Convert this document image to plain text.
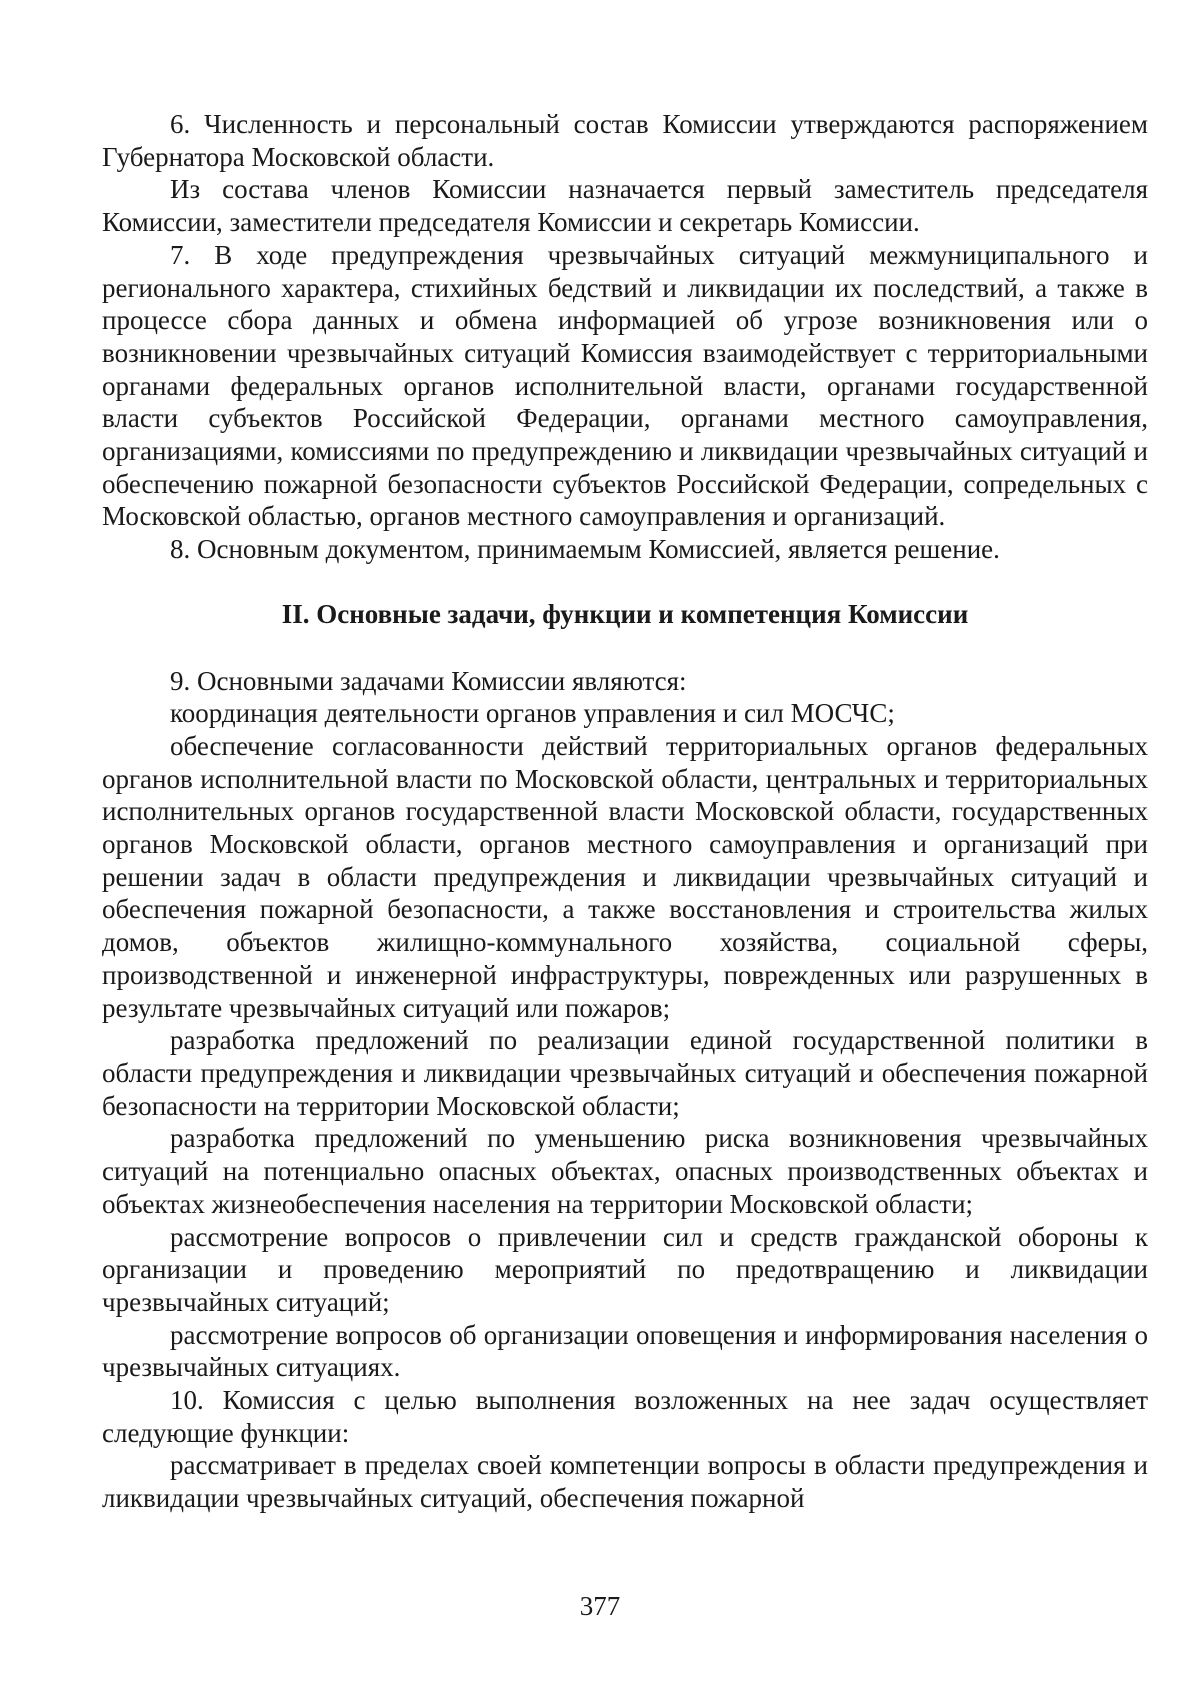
6. Численность и персональный состав Комиссии утверждаются распоряжением Губернатора Московской области.

Из состава членов Комиссии назначается первый заместитель председателя Комиссии, заместители председателя Комиссии и секретарь Комиссии.

7. В ходе предупреждения чрезвычайных ситуаций межмуниципального и регионального характера, стихийных бедствий и ликвидации их последствий, а также в процессе сбора данных и обмена информацией об угрозе возникновения или о возникновении чрезвычайных ситуаций Комиссия взаимодействует с территориальными органами федеральных органов исполнительной власти, органами государственной власти субъектов Российской Федерации, органами местного самоуправления, организациями, комиссиями по предупреждению и ликвидации чрезвычайных ситуаций и обеспечению пожарной безопасности субъектов Российской Федерации, сопредельных с Московской областью, органов местного самоуправления и организаций.

8. Основным документом, принимаемым Комиссией, является решение.

II. Основные задачи, функции и компетенция Комиссии

9. Основными задачами Комиссии являются:

координация деятельности органов управления и сил МОСЧС;

обеспечение согласованности действий территориальных органов федеральных органов исполнительной власти по Московской области, центральных и территориальных исполнительных органов государственной власти Московской области, государственных органов Московской области, органов местного самоуправления и организаций при решении задач в области предупреждения и ликвидации чрезвычайных ситуаций и обеспечения пожарной безопасности, а также восстановления и строительства жилых домов, объектов жилищно-коммунального хозяйства, социальной сферы, производственной и инженерной инфраструктуры, поврежденных или разрушенных в результате чрезвычайных ситуаций или пожаров;

разработка предложений по реализации единой государственной политики в области предупреждения и ликвидации чрезвычайных ситуаций и обеспечения пожарной безопасности на территории Московской области;

разработка предложений по уменьшению риска возникновения чрезвычайных ситуаций на потенциально опасных объектах, опасных производственных объектах и объектах жизнеобеспечения населения на территории Московской области;

рассмотрение вопросов о привлечении сил и средств гражданской обороны к организации и проведению мероприятий по предотвращению и ликвидации чрезвычайных ситуаций;

рассмотрение вопросов об организации оповещения и информирования населения о чрезвычайных ситуациях.

10. Комиссия с целью выполнения возложенных на нее задач осуществляет следующие функции:

рассматривает в пределах своей компетенции вопросы в области предупреждения и ликвидации чрезвычайных ситуаций, обеспечения пожарной

377
